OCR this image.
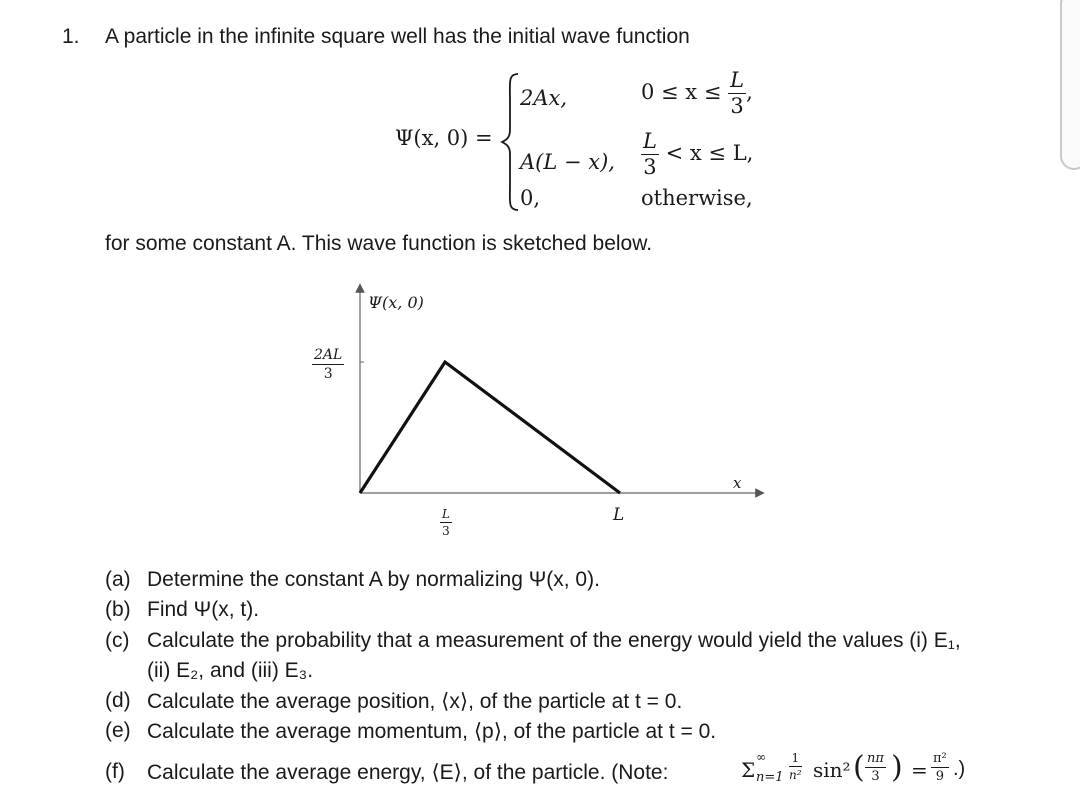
1. A particle in the infinite square well has the initial wave function
Ψ(x, 0) =
2Ax,	$0 \le x \le \frac{L}{3}$ ,
A(L − x), $\frac{L}{3} < x \le L$,
0,	otherwise,
for some constant A. This wave function is sketched below.
Ψ(x, 0)
x
$\frac{2AL}{3}$
$\frac{L}{3}$	L
(a) Determine the constant A by normalizing Ψ(x, 0).
(b) Find Ψ(x, t).
(c) Calculate the probability that a measurement of the energy would yield the values (i) E₁,
(ii) E₂, and (iii) E₃.
(d) Calculate the average position, ⟨x⟩, of the particle at t = 0.
(e) Calculate the average momentum, ⟨p⟩, of the particle at t = 0.
(f) Calculate the average energy, ⟨E⟩, of the particle. (Note:	Σ
∞
$n=1 \frac{1}{\text{n²}} \sin^2$ ( $\frac{n\pi}{3}$ ) = $\frac{\text{π²}}{9}$ .)
